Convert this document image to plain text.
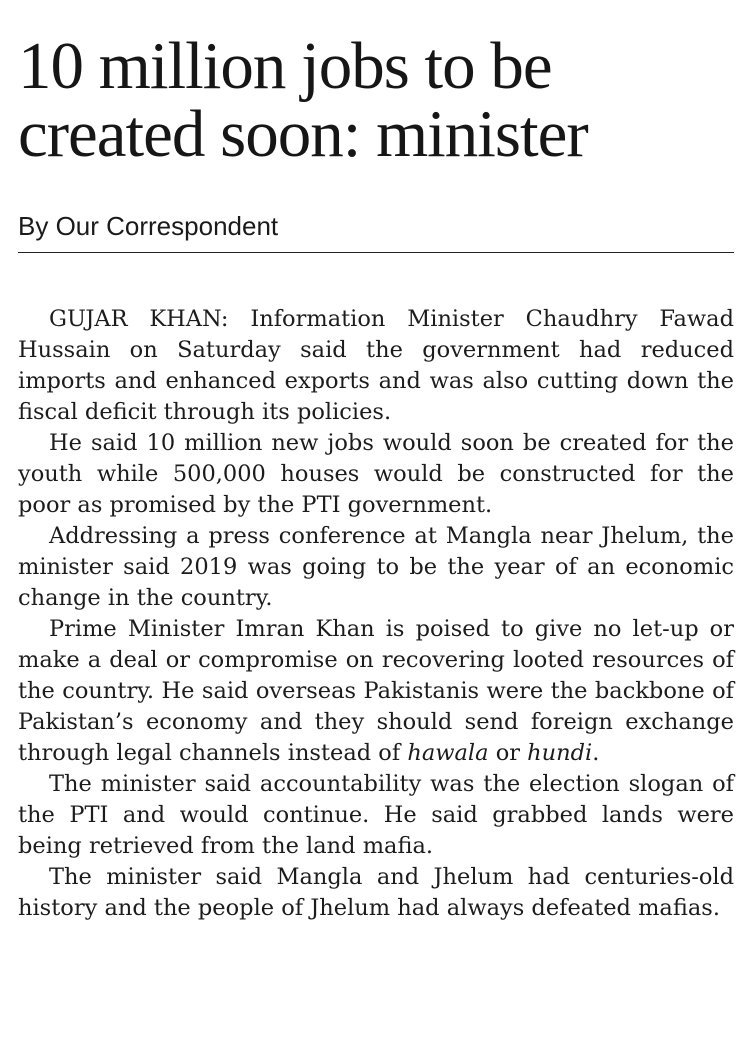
10 million jobs to be
created soon: minister
By Our Correspondent

GUJAR KHAN: Information Minister Chaudhry Fawad Hussain on Saturday said the government had reduced imports and enhanced exports and was also cutting down the fiscal deficit through its policies.

He said 10 million new jobs would soon be created for the youth while 500,000 houses would be constructed for the poor as promised by the PTI government.

Addressing a press conference at Mangla near Jhelum, the minister said 2019 was going to be the year of an economic change in the country.

Prime Minister Imran Khan is poised to give no let-up or make a deal or compromise on recovering looted resources of the country. He said overseas Pakistanis were the backbone of Pakistan’s economy and they should send foreign exchange through legal channels instead of hawala or hundi.

The minister said accountability was the election slogan of the PTI and would continue. He said grabbed lands were being retrieved from the land mafia.

The minister said Mangla and Jhelum had centuries-old history and the people of Jhelum had always defeated mafias.
